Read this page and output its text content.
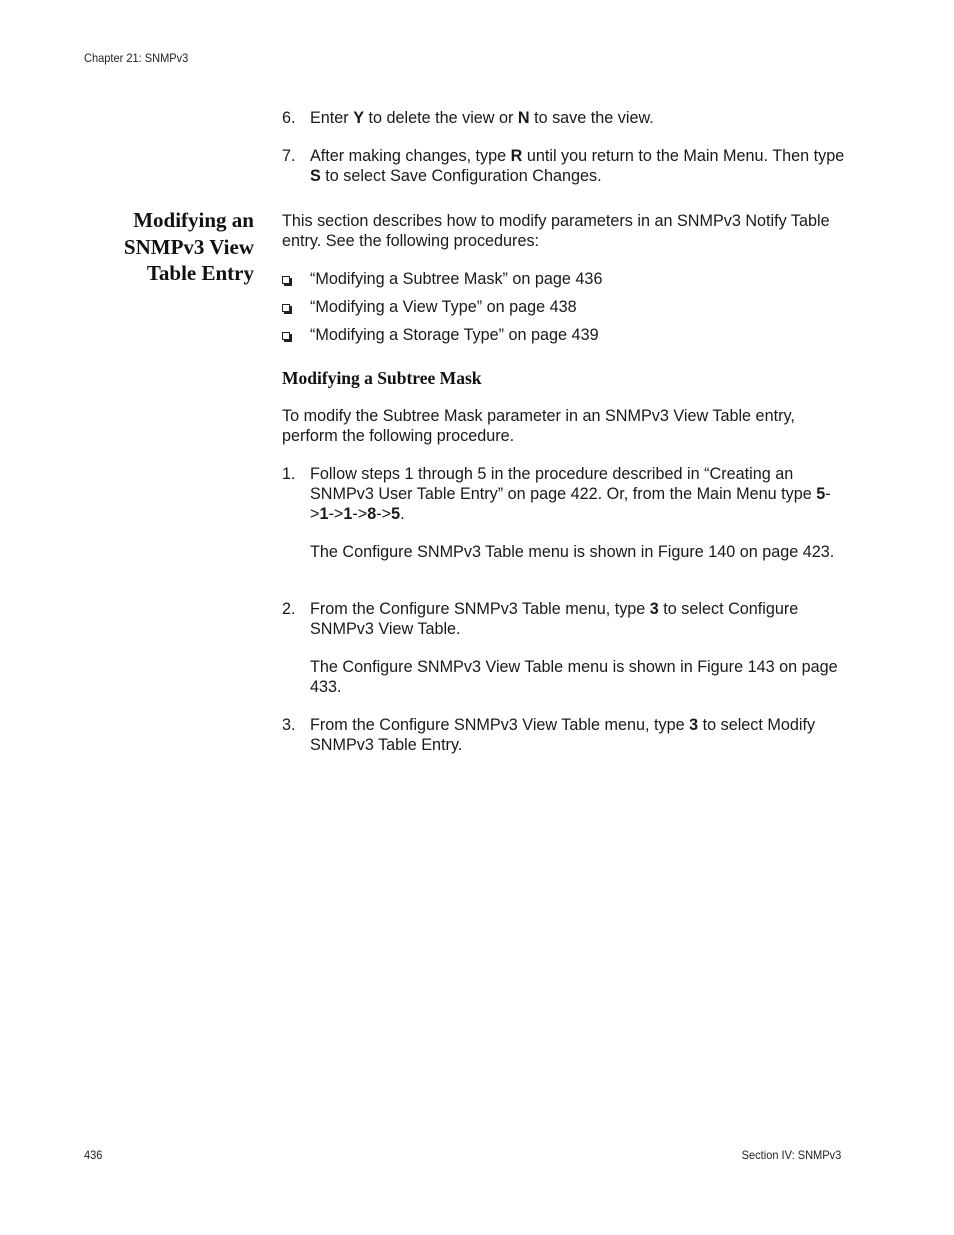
Chapter 21: SNMPv3
6. Enter Y to delete the view or N to save the view.
7. After making changes, type R until you return to the Main Menu. Then type S to select Save Configuration Changes.
Modifying an SNMPv3 View Table Entry
This section describes how to modify parameters in an SNMPv3 Notify Table entry. See the following procedures:
“Modifying a Subtree Mask” on page 436
“Modifying a View Type” on page 438
“Modifying a Storage Type” on page 439
Modifying a Subtree Mask
To modify the Subtree Mask parameter in an SNMPv3 View Table entry, perform the following procedure.
1. Follow steps 1 through 5 in the procedure described in “Creating an SNMPv3 User Table Entry” on page 422. Or, from the Main Menu type 5->1->1->8->5.
The Configure SNMPv3 Table menu is shown in Figure 140 on page 423.
2. From the Configure SNMPv3 Table menu, type 3 to select Configure SNMPv3 View Table.
The Configure SNMPv3 View Table menu is shown in Figure 143 on page 433.
3. From the Configure SNMPv3 View Table menu, type 3 to select Modify SNMPv3 Table Entry.
436	Section IV: SNMPv3
